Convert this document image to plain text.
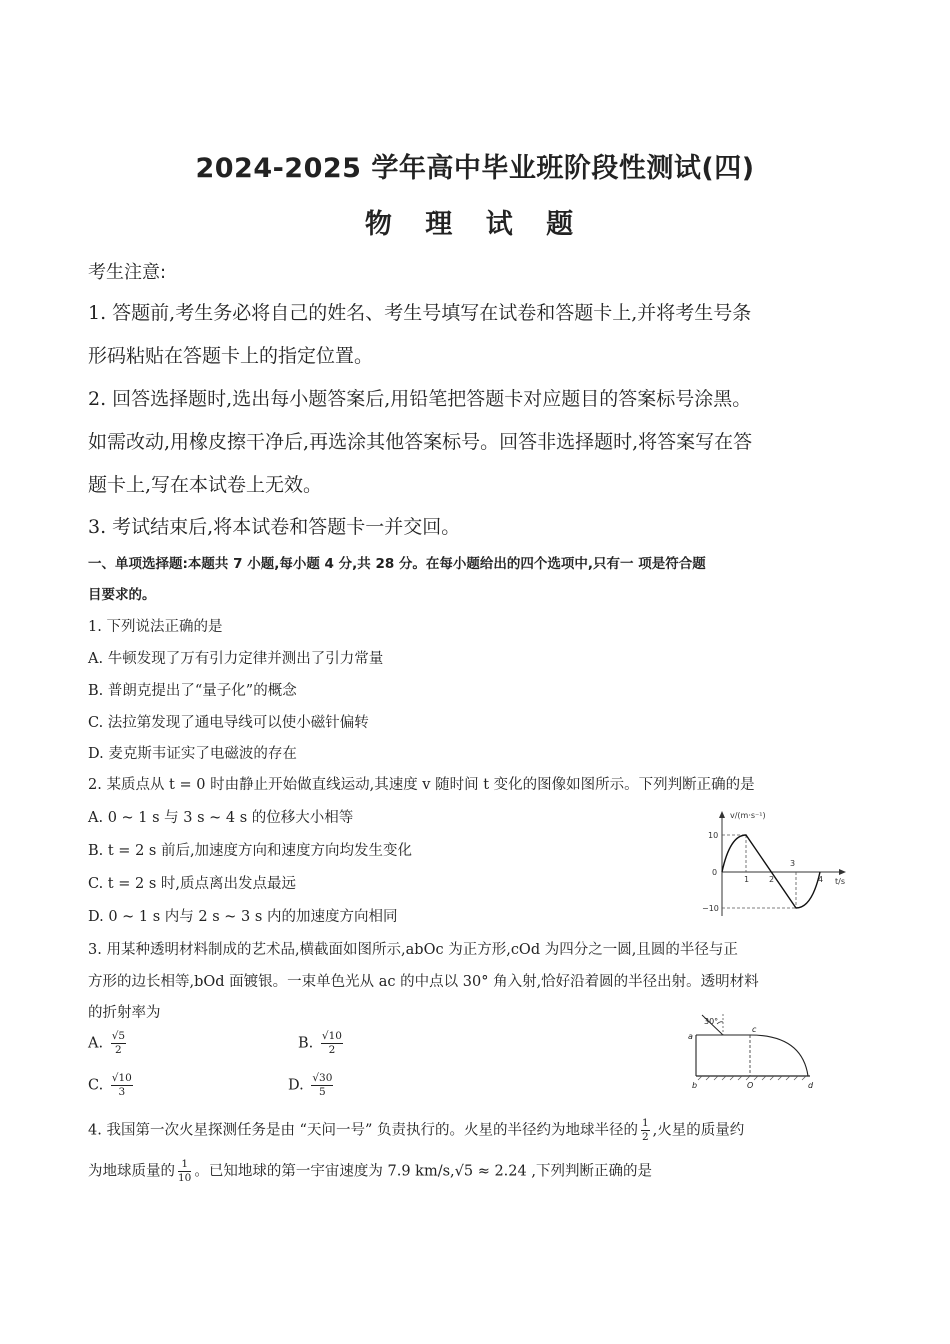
2024-2025 学年高中毕业班阶段性测试(四)
物 理 试 题
考生注意:
1. 答题前,考生务必将自己的姓名、考生号填写在试卷和答题卡上,并将考生号条
形码粘贴在答题卡上的指定位置。
2. 回答选择题时,选出每小题答案后,用铅笔把答题卡对应题目的答案标号涂黑。
如需改动,用橡皮擦干净后,再选涂其他答案标号。回答非选择题时,将答案写在答
题卡上,写在本试卷上无效。
3. 考试结束后,将本试卷和答题卡一并交回。
一、单项选择题:本题共 7 小题,每小题 4 分,共 28 分。在每小题给出的四个选项中,只有一 项是符合题
目要求的。
1. 下列说法正确的是
A. 牛顿发现了万有引力定律并测出了引力常量
B. 普朗克提出了“量子化”的概念
C. 法拉第发现了通电导线可以使小磁针偏转
D. 麦克斯韦证实了电磁波的存在
2. 某质点从 t = 0 时由静止开始做直线运动,其速度 v 随时间 t 变化的图像如图所示。下列判断正确的是
A. 0 ~ 1 s 与 3 s ~ 4 s 的位移大小相等
B. t = 2 s 前后,加速度方向和速度方向均发生变化
C. t = 2 s 时,质点离出发点最远
D. 0 ~ 1 s 内与 2 s ~ 3 s 内的加速度方向相同
v/(m·s⁻¹)
t/s
10
−10
0
1 2
3
4
3. 用某种透明材料制成的艺术品,横截面如图所示,abOc 为正方形,cOd 为四分之一圆,且圆的半径与正
方形的边长相等,bOd 面镀银。一束单色光从 ac 的中点以 30° 角入射,恰好沿着圆的半径出射。透明材料
的折射率为
A. $\frac{√5}{2}$	B. $\frac{√10}{2}$
C. $\frac{√10}{3}$	D. $\frac{√30}{5}$
30°
a
c
b	O	d
4. 我国第一次火星探测任务是由 “天问一号” 负责执行的。火星的半径约为地球半径的 $\frac{1}{2}$ ,火星的质量约
为地球质量的 $\frac{1}{10}$ 。已知地球的第一宇宙速度为 7.9 km/s,√5 ≈ 2.24 ,下列判断正确的是
